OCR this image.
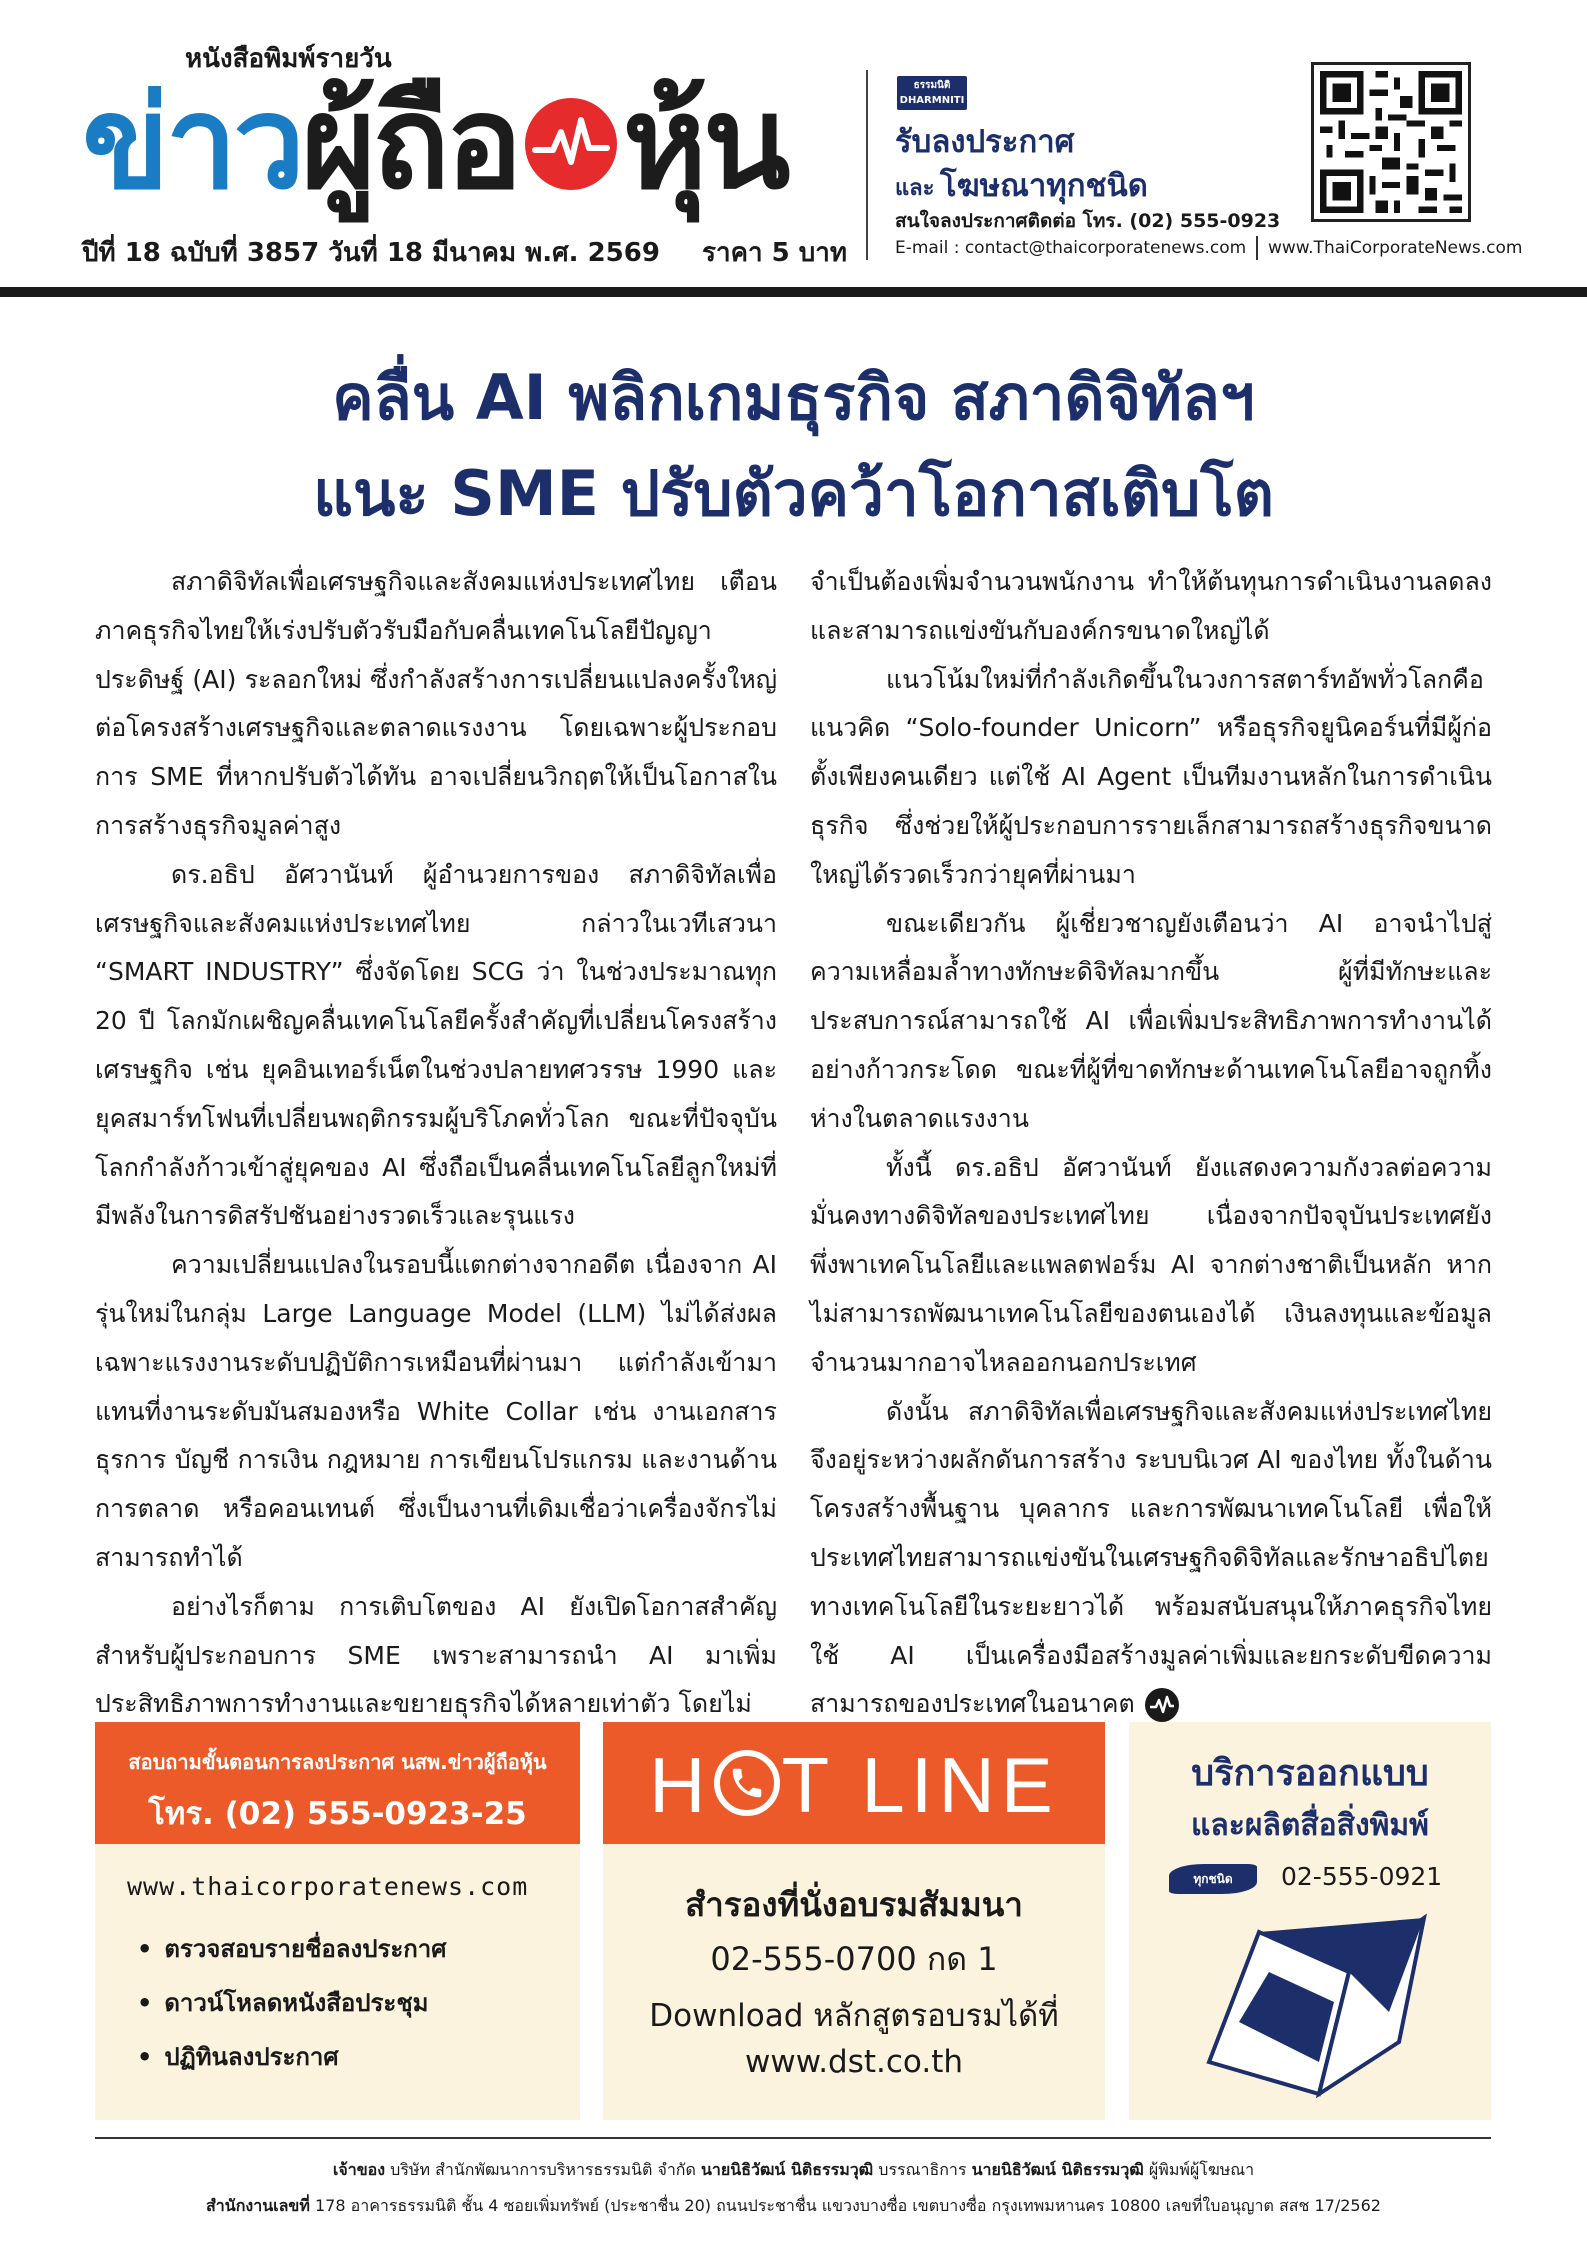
หนังสือพิมพ์รายวัน
ข่าว ผู้ถือ หุ้น
ปีที่ 18 ฉบับที่ 3857 วันที่ 18 มีนาคม พ.ศ. 2569 ราคา 5 บาท
ธรรมนิติ
DHARMNITI
รับลงประกาศ
และ โฆษณาทุกชนิด
สนใจลงประกาศติดต่อ โทร. (02) 555-0923
E-mail : contact@thaicorporatenews.com www.ThaiCorporateNews.com
คลื่น AI พลิกเกมธุรกิจ สภาดิจิทัลฯ
แนะ SME ปรับตัวคว้าโอกาสเติบโต

สภาดิจิทัลเพื่อเศรษฐกิจและสังคมแห่งประเทศไทย เตือนภาคธุรกิจไทยให้เร่งปรับตัวรับมือกับคลื่นเทคโนโลยีปัญญาประดิษฐ์ (AI) ระลอกใหม่ ซึ่งกำลังสร้างการเปลี่ยนแปลงครั้งใหญ่ต่อโครงสร้างเศรษฐกิจและตลาดแรงงาน โดยเฉพาะผู้ประกอบการ SME ที่หากปรับตัวได้ทัน อาจเปลี่ยนวิกฤตให้เป็นโอกาสในการสร้างธุรกิจมูลค่าสูง

ดร.อธิป อัศวานันท์ ผู้อำนวยการของ สภาดิจิทัลเพื่อเศรษฐกิจและสังคมแห่งประเทศไทย กล่าวในเวทีเสวนา “SMART INDUSTRY” ซึ่งจัดโดย SCG ว่า ในช่วงประมาณทุก 20 ปี โลกมักเผชิญคลื่นเทคโนโลยีครั้งสำคัญที่เปลี่ยนโครงสร้างเศรษฐกิจ เช่น ยุคอินเทอร์เน็ตในช่วงปลายทศวรรษ 1990 และยุคสมาร์ทโฟนที่เปลี่ยนพฤติกรรมผู้บริโภคทั่วโลก ขณะที่ปัจจุบันโลกกำลังก้าวเข้าสู่ยุคของ AI ซึ่งถือเป็นคลื่นเทคโนโลยีลูกใหม่ที่มีพลังในการดิสรัปชันอย่างรวดเร็วและรุนแรง

ความเปลี่ยนแปลงในรอบนี้แตกต่างจากอดีต เนื่องจาก AI รุ่นใหม่ในกลุ่ม Large Language Model (LLM) ไม่ได้ส่งผลเฉพาะแรงงานระดับปฏิบัติการเหมือนที่ผ่านมา แต่กำลังเข้ามาแทนที่งานระดับมันสมองหรือ White Collar เช่น งานเอกสาร ธุรการ บัญชี การเงิน กฎหมาย การเขียนโปรแกรม และงานด้านการตลาด หรือคอนเทนต์ ซึ่งเป็นงานที่เดิมเชื่อว่าเครื่องจักรไม่สามารถทำได้

อย่างไรก็ตาม การเติบโตของ AI ยังเปิดโอกาสสำคัญสำหรับผู้ประกอบการ SME เพราะสามารถนำ AI มาเพิ่มประสิทธิภาพการทำงานและขยายธุรกิจได้หลายเท่าตัว โดยไม่

จำเป็นต้องเพิ่มจำนวนพนักงาน ทำให้ต้นทุนการดำเนินงานลดลง และสามารถแข่งขันกับองค์กรขนาดใหญ่ได้

แนวโน้มใหม่ที่กำลังเกิดขึ้นในวงการสตาร์ทอัพทั่วโลกคือ แนวคิด “Solo-founder Unicorn” หรือธุรกิจยูนิคอร์นที่มีผู้ก่อตั้งเพียงคนเดียว แต่ใช้ AI Agent เป็นทีมงานหลักในการดำเนินธุรกิจ ซึ่งช่วยให้ผู้ประกอบการรายเล็กสามารถสร้างธุรกิจขนาดใหญ่ได้รวดเร็วกว่ายุคที่ผ่านมา

ขณะเดียวกัน ผู้เชี่ยวชาญยังเตือนว่า AI อาจนำไปสู่ ความเหลื่อมล้ำทางทักษะดิจิทัลมากขึ้น ผู้ที่มีทักษะและประสบการณ์สามารถใช้ AI เพื่อเพิ่มประสิทธิภาพการทำงานได้อย่างก้าวกระโดด ขณะที่ผู้ที่ขาดทักษะด้านเทคโนโลยีอาจถูกทิ้งห่างในตลาดแรงงาน

ทั้งนี้ ดร.อธิป อัศวานันท์ ยังแสดงความกังวลต่อความมั่นคงทางดิจิทัลของประเทศไทย เนื่องจากปัจจุบันประเทศยังพึ่งพาเทคโนโลยีและแพลตฟอร์ม AI จากต่างชาติเป็นหลัก หากไม่สามารถพัฒนาเทคโนโลยีของตนเองได้ เงินลงทุนและข้อมูลจำนวนมากอาจไหลออกนอกประเทศ

ดังนั้น สภาดิจิทัลเพื่อเศรษฐกิจและสังคมแห่งประเทศไทย จึงอยู่ระหว่างผลักดันการสร้าง ระบบนิเวศ AI ของไทย ทั้งในด้านโครงสร้างพื้นฐาน บุคลากร และการพัฒนาเทคโนโลยี เพื่อให้ประเทศไทยสามารถแข่งขันในเศรษฐกิจดิจิทัลและรักษาอธิปไตยทางเทคโนโลยีในระยะยาวได้ พร้อมสนับสนุนให้ภาคธุรกิจไทยใช้ AI เป็นเครื่องมือสร้างมูลค่าเพิ่มและยกระดับขีดความสามารถของประเทศในอนาคต

สอบถามขั้นตอนการลงประกาศ นสพ.ข่าวผู้ถือหุ้น
โทร. (02) 555-0923-25
www.thaicorporatenews.com
• ตรวจสอบรายชื่อลงประกาศ
• ดาวน์โหลดหนังสือประชุม
• ปฏิทินลงประกาศ
H T LINE
สำรองที่นั่งอบรมสัมมนา
02-555-0700 กด 1
Download หลักสูตรอบรมได้ที่
www.dst.co.th
บริการออกแบบ
และผลิตสื่อสิ่งพิมพ์
ทุกชนิด	02-555-0921
เจ้าของ บริษัท สำนักพัฒนาการบริหารธรรมนิติ จำกัด นายนิธิวัฒน์ นิติธรรมวุฒิ บรรณาธิการ นายนิธิวัฒน์ นิติธรรมวุฒิ ผู้พิมพ์ผู้โฆษณา
สำนักงานเลขที่ 178 อาคารธรรมนิติ ชั้น 4 ซอยเพิ่มทรัพย์ (ประชาชื่น 20) ถนนประชาชื่น แขวงบางซื่อ เขตบางซื่อ กรุงเทพมหานคร 10800 เลขที่ใบอนุญาต สสช 17/2562
